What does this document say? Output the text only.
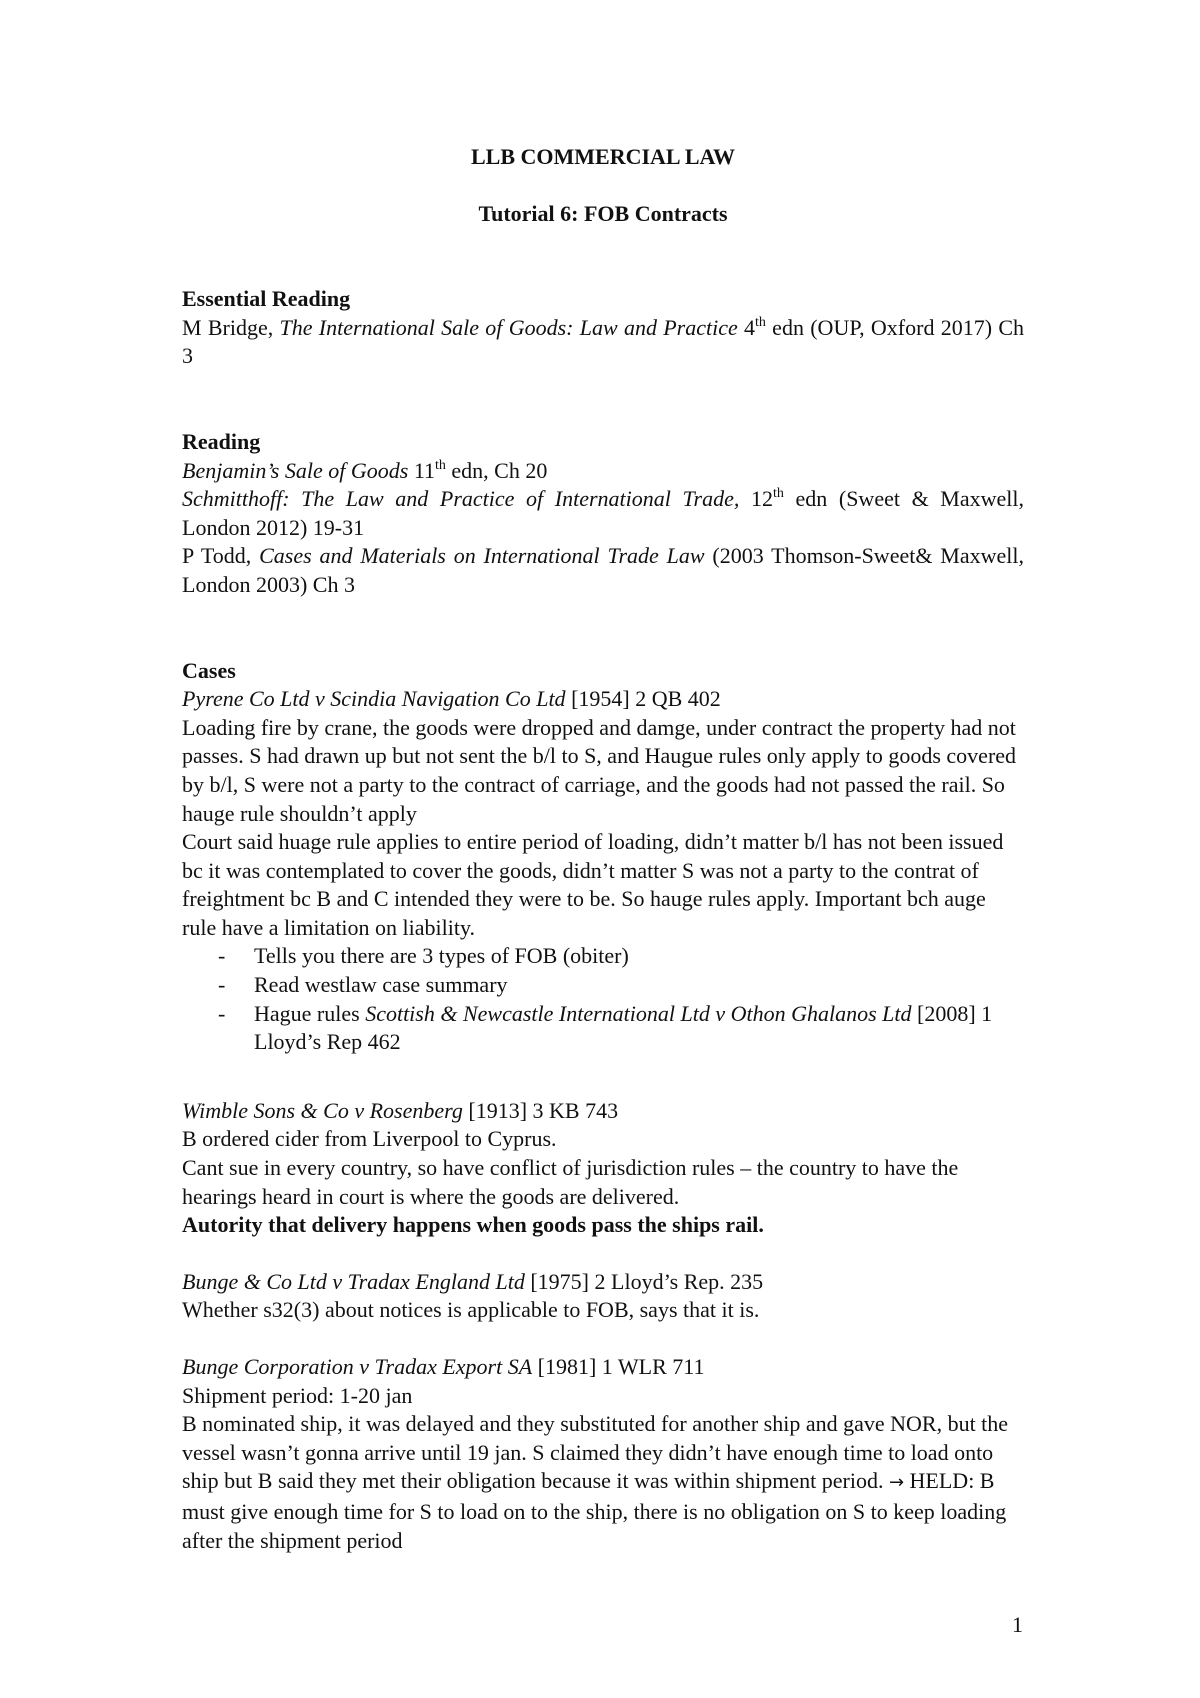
LLB COMMERCIAL LAW

Tutorial 6: FOB Contracts

Essential Reading

M Bridge, The International Sale of Goods: Law and Practice 4th edn (OUP, Oxford 2017) Ch 3

Reading

Benjamin’s Sale of Goods 11th edn, Ch 20

Schmitthoff: The Law and Practice of International Trade, 12th edn (Sweet & Maxwell, London 2012) 19-31

P Todd, Cases and Materials on International Trade Law (2003 Thomson-Sweet& Maxwell, London 2003) Ch 3

Cases

Pyrene Co Ltd v Scindia Navigation Co Ltd [1954] 2 QB 402

Loading fire by crane, the goods were dropped and damge, under contract the property had not passes. S had drawn up but not sent the b/l to S, and Haugue rules only apply to goods covered by b/l, S were not a party to the contract of carriage, and the goods had not passed the rail. So hauge rule shouldn’t apply

Court said huage rule applies to entire period of loading, didn’t matter b/l has not been issued bc it was contemplated to cover the goods, didn’t matter S was not a party to the contrat of freightment bc B and C intended they were to be. So hauge rules apply. Important bch auge rule have a limitation on liability.

- Tells you there are 3 types of FOB (obiter)
- Read westlaw case summary
- Hague rules Scottish & Newcastle International Ltd v Othon Ghalanos Ltd [2008] 1 Lloyd’s Rep 462

Wimble Sons & Co v Rosenberg [1913] 3 KB 743

B ordered cider from Liverpool to Cyprus.

Cant sue in every country, so have conflict of jurisdiction rules – the country to have the hearings heard in court is where the goods are delivered.

Autority that delivery happens when goods pass the ships rail.

Bunge & Co Ltd v Tradax England Ltd [1975] 2 Lloyd’s Rep. 235

Whether s32(3) about notices is applicable to FOB, says that it is.

Bunge Corporation v Tradax Export SA [1981] 1 WLR 711

Shipment period: 1-20 jan

B nominated ship, it was delayed and they substituted for another ship and gave NOR, but the vessel wasn’t gonna arrive until 19 jan. S claimed they didn’t have enough time to load onto ship but B said they met their obligation because it was within shipment period. → HELD: B must give enough time for S to load on to the ship, there is no obligation on S to keep loading after the shipment period

1
